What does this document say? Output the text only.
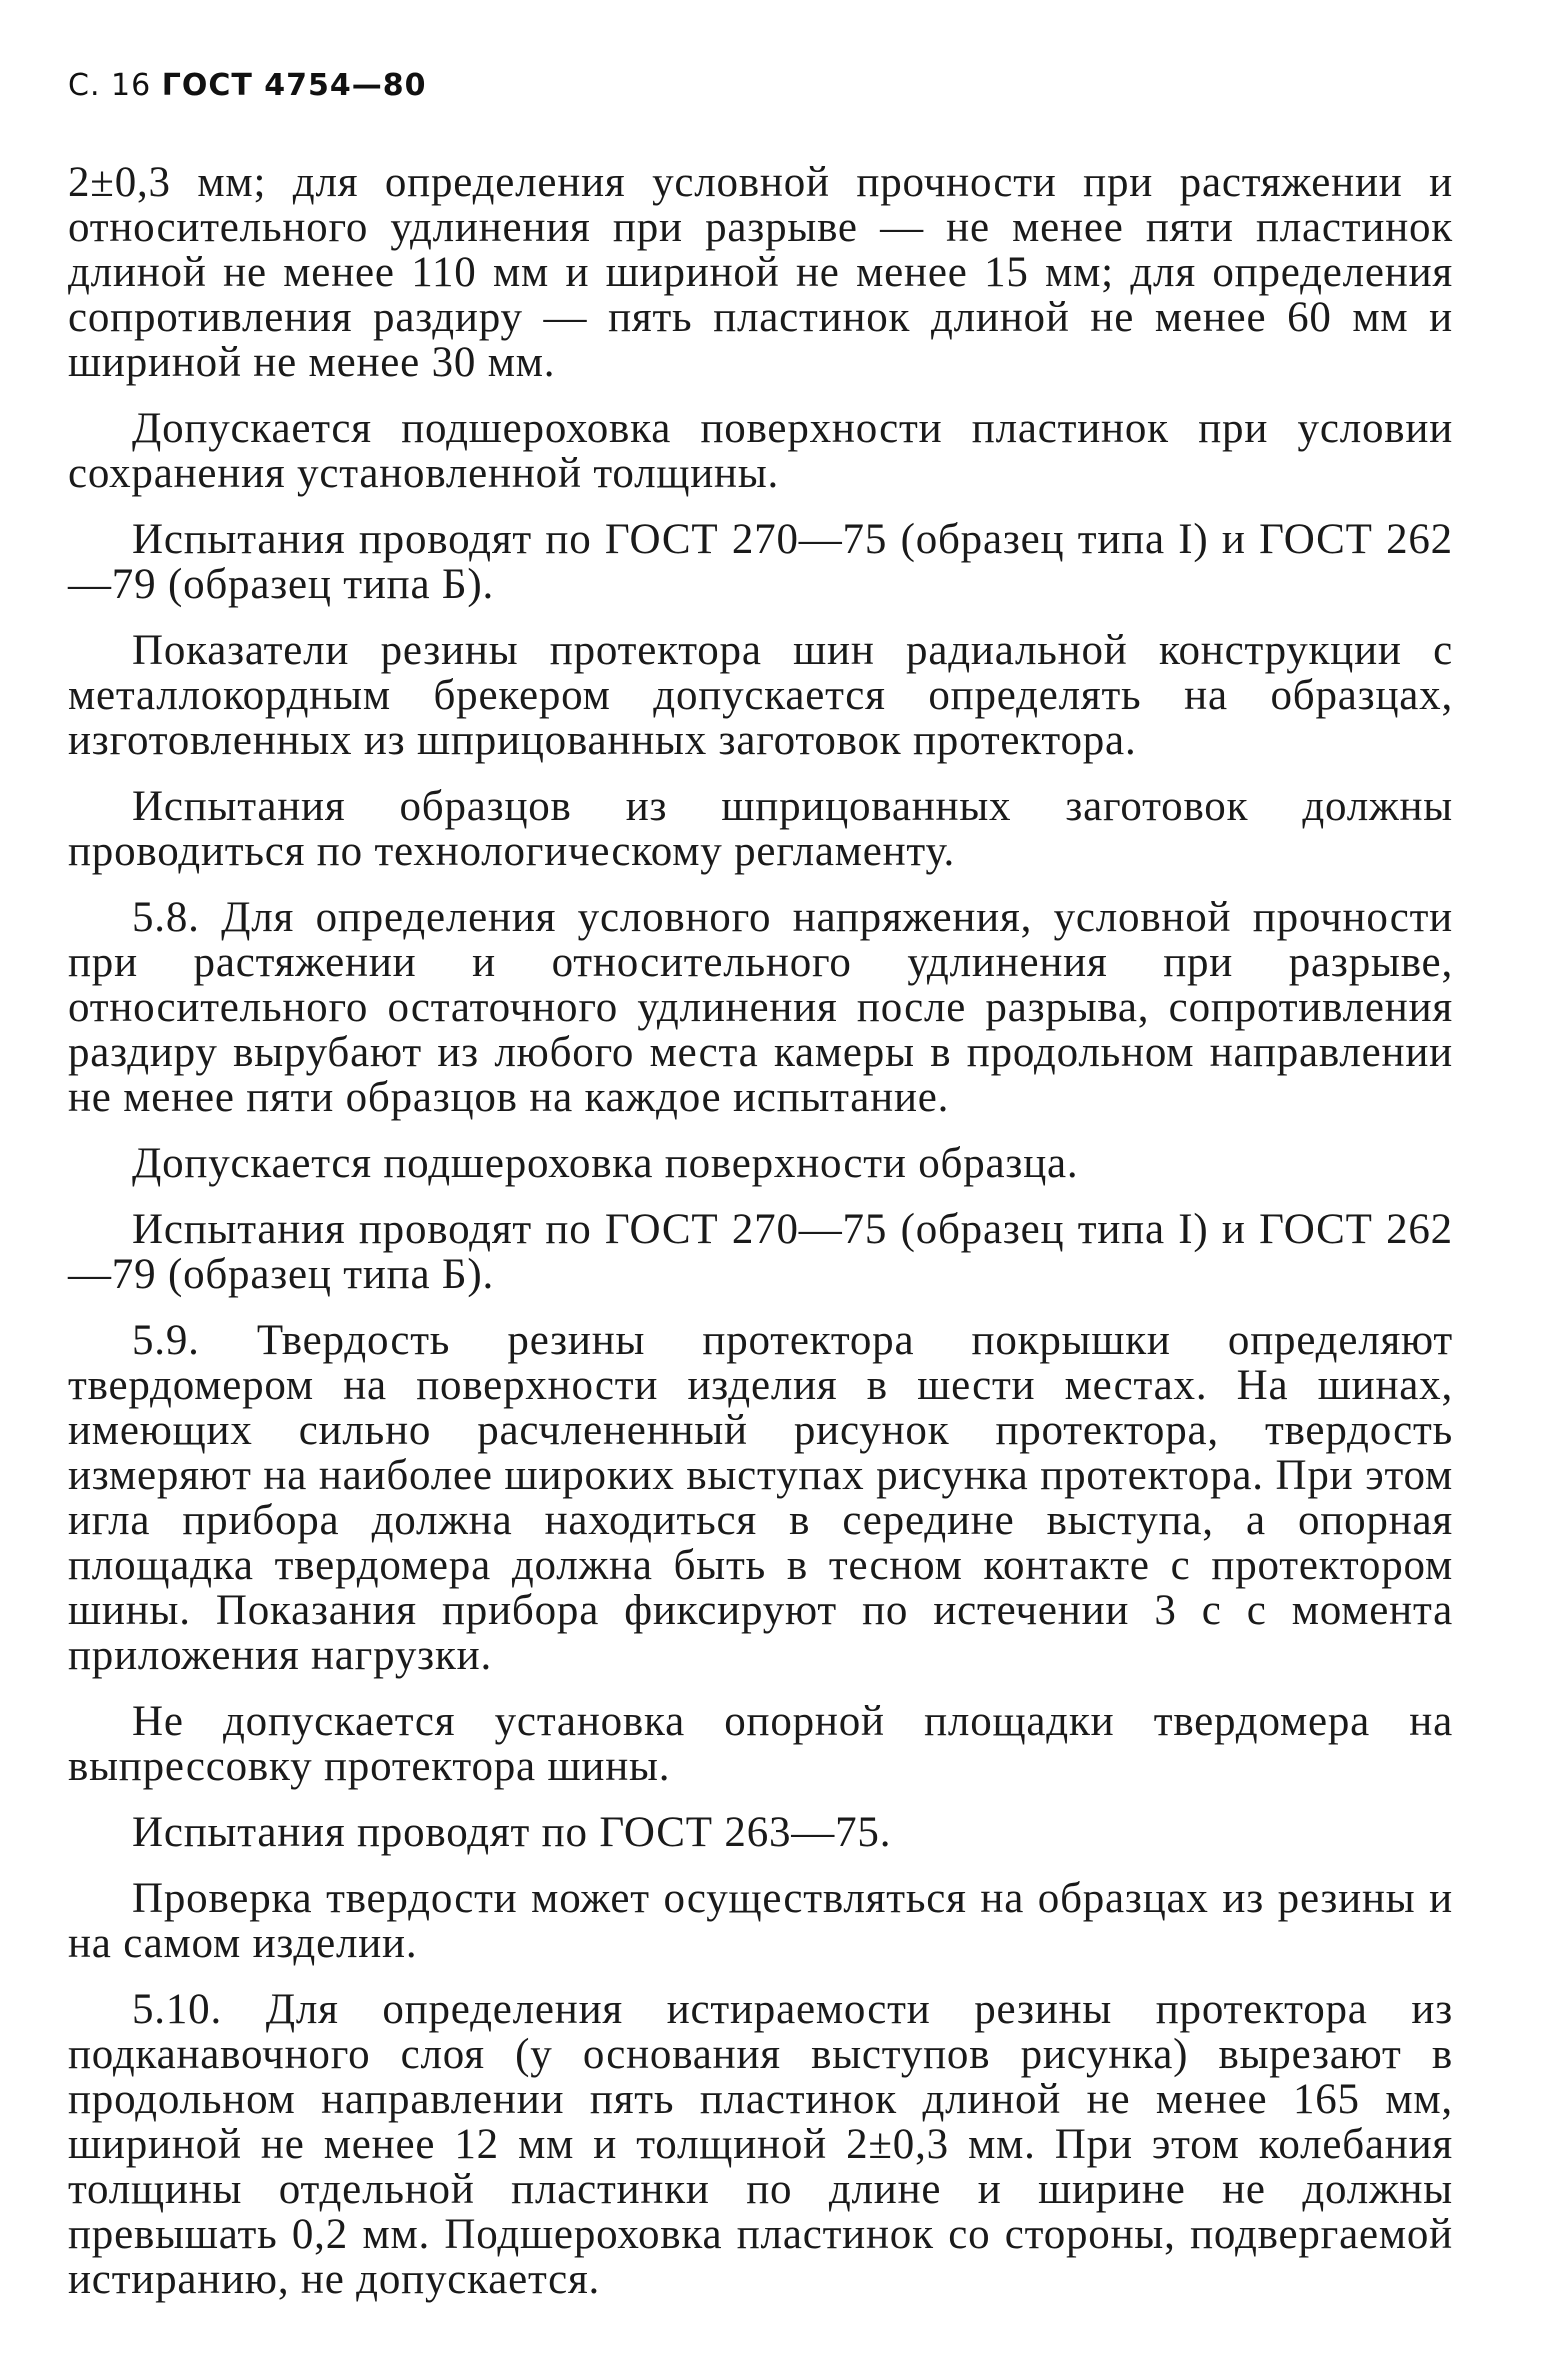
С. 16 ГОСТ 4754—80

2±0,3 мм; для определения условной прочности при растяжении и относительного удлинения при разрыве — не менее пяти пластинок длиной не менее 110 мм и шириной не менее 15 мм; для определения сопротивления раздиру — пять пластинок длиной не менее 60 мм и шириной не менее 30 мм.

Допускается подшероховка поверхности пластинок при условии сохранения установленной толщины.

Испытания проводят по ГОСТ 270—75 (образец типа I) и ГОСТ 262—79 (образец типа Б).

Показатели резины протектора шин радиальной конструкции с металлокордным брекером допускается определять на образцах, изготовленных из шприцованных заготовок протектора.

Испытания образцов из шприцованных заготовок должны проводиться по технологическому регламенту.

5.8. Для определения условного напряжения, условной прочности при растяжении и относительного удлинения при разрыве, относительного остаточного удлинения после разрыва, сопротивления раздиру вырубают из любого места камеры в продольном направлении не менее пяти образцов на каждое испытание.

Допускается подшероховка поверхности образца.

Испытания проводят по ГОСТ 270—75 (образец типа I) и ГОСТ 262—79 (образец типа Б).

5.9. Твердость резины протектора покрышки определяют твердомером на поверхности изделия в шести местах. На шинах, имеющих сильно расчлененный рисунок протектора, твердость измеряют на наиболее широких выступах рисунка протектора. При этом игла прибора должна находиться в середине выступа, а опорная площадка твердомера должна быть в тесном контакте с протектором шины. Показания прибора фиксируют по истечении 3 с с момента приложения нагрузки.

Не допускается установка опорной площадки твердомера на выпрессовку протектора шины.

Испытания проводят по ГОСТ 263—75.

Проверка твердости может осуществляться на образцах из резины и на самом изделии.

5.10. Для определения истираемости резины протектора из подканавочного слоя (у основания выступов рисунка) вырезают в продольном направлении пять пластинок длиной не менее 165 мм, шириной не менее 12 мм и толщиной 2±0,3 мм. При этом колебания толщины отдельной пластинки по длине и ширине не должны превышать 0,2 мм. Подшероховка пластинок со стороны, подвергаемой истиранию, не допускается.
